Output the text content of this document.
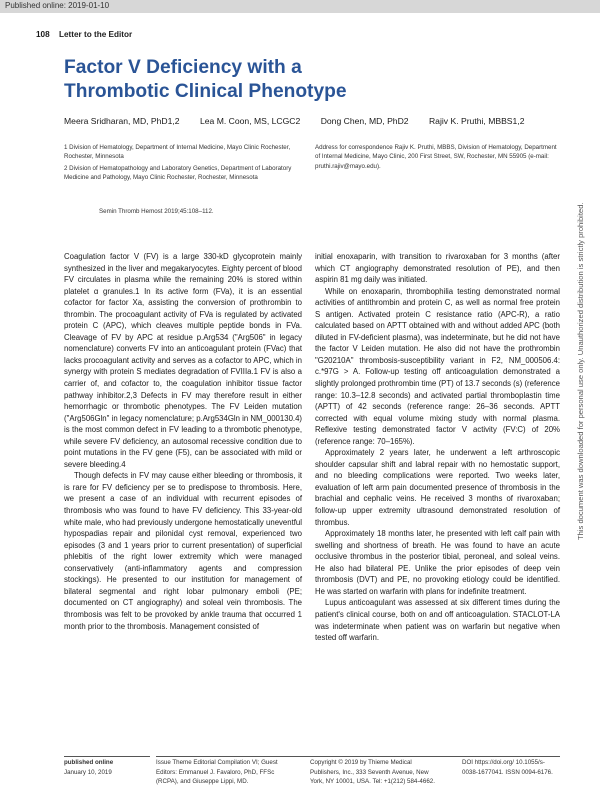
Published online: 2019-01-10
108 Letter to the Editor
Factor V Deficiency with a Thrombotic Clinical Phenotype
Meera Sridharan, MD, PhD1,2 Lea M. Coon, MS, LCGC2 Dong Chen, MD, PhD2 Rajiv K. Pruthi, MBBS1,2

1 Division of Hematology, Department of Internal Medicine, Mayo Clinic Rochester, Rochester, Minnesota

2 Division of Hematopathology and Laboratory Genetics, Department of Laboratory Medicine and Pathology, Mayo Clinic Rochester, Rochester, Minnesota

Address for correspondence Rajiv K. Pruthi, MBBS, Division of Hematology, Department of Internal Medicine, Mayo Clinic, 200 First Street, SW, Rochester, MN 55905 (e-mail: pruthi.rajiv@mayo.edu).
Semin Thromb Hemost 2019;45:108–112.

Coagulation factor V (FV) is a large 330-kD glycoprotein mainly synthesized in the liver and megakaryocytes. Eighty percent of blood FV circulates in plasma while the remaining 20% is stored within platelet α granules.1 In its active form (FVa), it is an essential cofactor for factor Xa, assisting the conversion of prothrombin to thrombin. The procoagulant activity of FVa is regulated by activated protein C (APC), which cleaves multiple peptide bonds in FVa. Cleavage of FV by APC at residue p.Arg534 ("Arg506" in legacy nomenclature) converts FV into an anticoagulant protein (FVac) that lacks procoagulant activity and serves as a cofactor to APC, which in synergy with protein S mediates degradation of FVIIIa.1 FV is also a carrier of, and cofactor to, the coagulation inhibitor tissue factor pathway inhibitor.2,3 Defects in FV may therefore result in either hemorrhagic or thrombotic phenotypes. The FV Leiden mutation ("Arg506Gln" in legacy nomenclature; p.Arg534Gln in NM_000130.4) is the most common defect in FV leading to a thrombotic phenotype, while severe FV deficiency, an autosomal recessive condition due to point mutations in the FV gene (F5), can be associated with mild or severe bleeding.4

Though defects in FV may cause either bleeding or thrombosis, it is rare for FV deficiency per se to predispose to thrombosis. Here, we present a case of an individual with recurrent episodes of thrombosis who was found to have FV deficiency. This 33-year-old white male, who had previously undergone hemostatically uneventful hypospadias repair and pilonidal cyst removal, experienced two episodes (3 and 1 years prior to current presentation) of superficial phlebitis of the right lower extremity which were managed conservatively (anti-inflammatory agents and compression stockings). He presented to our institution for management of bilateral segmental and right lobar pulmonary emboli (PE; documented on CT angiography) and soleal vein thrombosis. The thrombosis was felt to be provoked by ankle trauma that occurred 1 month prior to the thrombosis. Management consisted of

initial enoxaparin, with transition to rivaroxaban for 3 months (after which CT angiography demonstrated resolution of PE), and then aspirin 81 mg daily was initiated.

While on enoxaparin, thrombophilia testing demonstrated normal activities of antithrombin and protein C, as well as normal free protein S antigen. Activated protein C resistance ratio (APC-R), a ratio calculated based on APTT obtained with and without added APC (both diluted in FV-deficient plasma), was indeterminate, but he did not have the factor V Leiden mutation. He also did not have the prothrombin "G20210A" thrombosis-susceptibility variant in F2, NM_000506.4: c.*97G > A. Follow-up testing off anticoagulation demonstrated a slightly prolonged prothrombin time (PT) of 13.7 seconds (s) (reference range: 10.3–12.8 seconds) and activated partial thromboplastin time (APTT) of 42 seconds (reference range: 26–36 seconds. APTT corrected with equal volume mixing study with normal plasma. Reflexive testing demonstrated factor V activity (FV:C) of 20% (reference range: 70–165%).

Approximately 2 years later, he underwent a left arthroscopic shoulder capsular shift and labral repair with no hemostatic support, and no bleeding complications were reported. Two weeks later, evaluation of left arm pain documented presence of thrombosis in the brachial and cephalic veins. He received 3 months of rivaroxaban; follow-up upper extremity ultrasound demonstrated resolution of thrombus.

Approximately 18 months later, he presented with left calf pain with swelling and shortness of breath. He was found to have an acute occlusive thrombus in the posterior tibial, peroneal, and soleal veins. He also had bilateral PE. Unlike the prior episodes of deep vein thrombosis (DVT) and PE, no provoking etiology could be identified. He was started on warfarin with plans for indefinite treatment.

Lupus anticoagulant was assessed at six different times during the patient's clinical course, both on and off anticoagulation. STACLOT-LA was indeterminate when patient was on warfarin but negative when tested off warfarin.

published online
January 10, 2019
Issue Theme Editorial Compilation VI; Guest Editors: Emmanuel J. Favaloro, PhD, FFSc (RCPA), and Giuseppe Lippi, MD.
Copyright © 2019 by Thieme Medical Publishers, Inc., 333 Seventh Avenue, New York, NY 10001, USA. Tel: +1(212) 584-4662.
DOI https://doi.org/ 10.1055/s-0038-1677041. ISSN 0094-6176.
This document was downloaded for personal use only. Unauthorized distribution is strictly prohibited.
